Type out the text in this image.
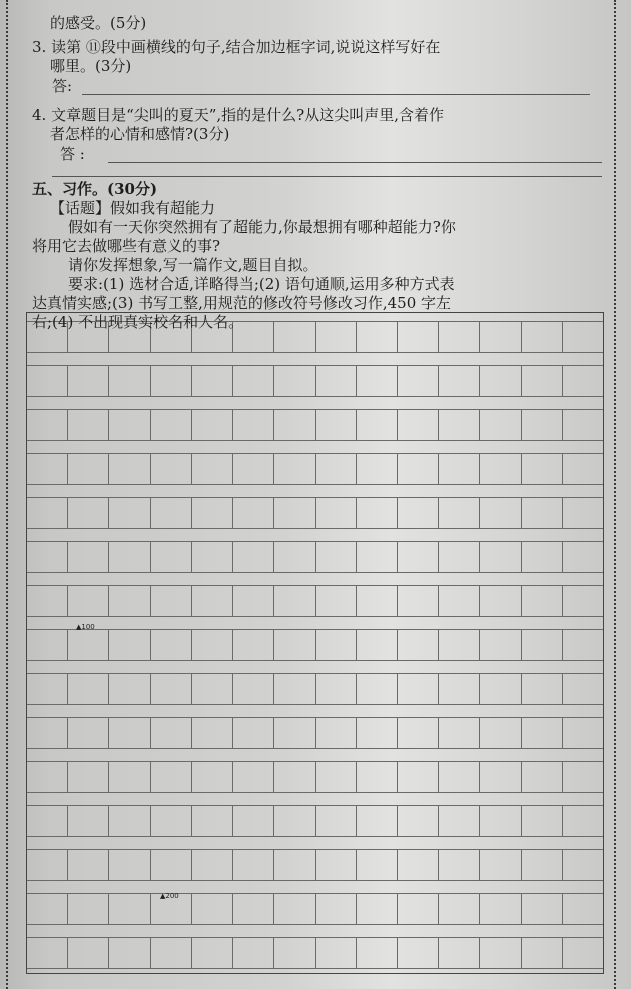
的感受。(5分)
3. 读第 ⑪段中画横线的句子,结合加边框字词,说说这样写好在
哪里。(3分)
答:
4. 文章题目是“尖叫的夏天”,指的是什么?从这尖叫声里,含着作
者怎样的心情和感情?(3分)
答 :
五、习作。(30分)
【话题】假如我有超能力
假如有一天你突然拥有了超能力,你最想拥有哪种超能力?你
将用它去做哪些有意义的事?
请你发挥想象,写一篇作文,题目自拟。
要求:(1) 选材合适,详略得当;(2) 语句通顺,运用多种方式表
达真情实感;(3) 书写工整,用规范的修改符号修改习作,450 字左
右;(4) 不出现真实校名和人名。
▲100
▲200
